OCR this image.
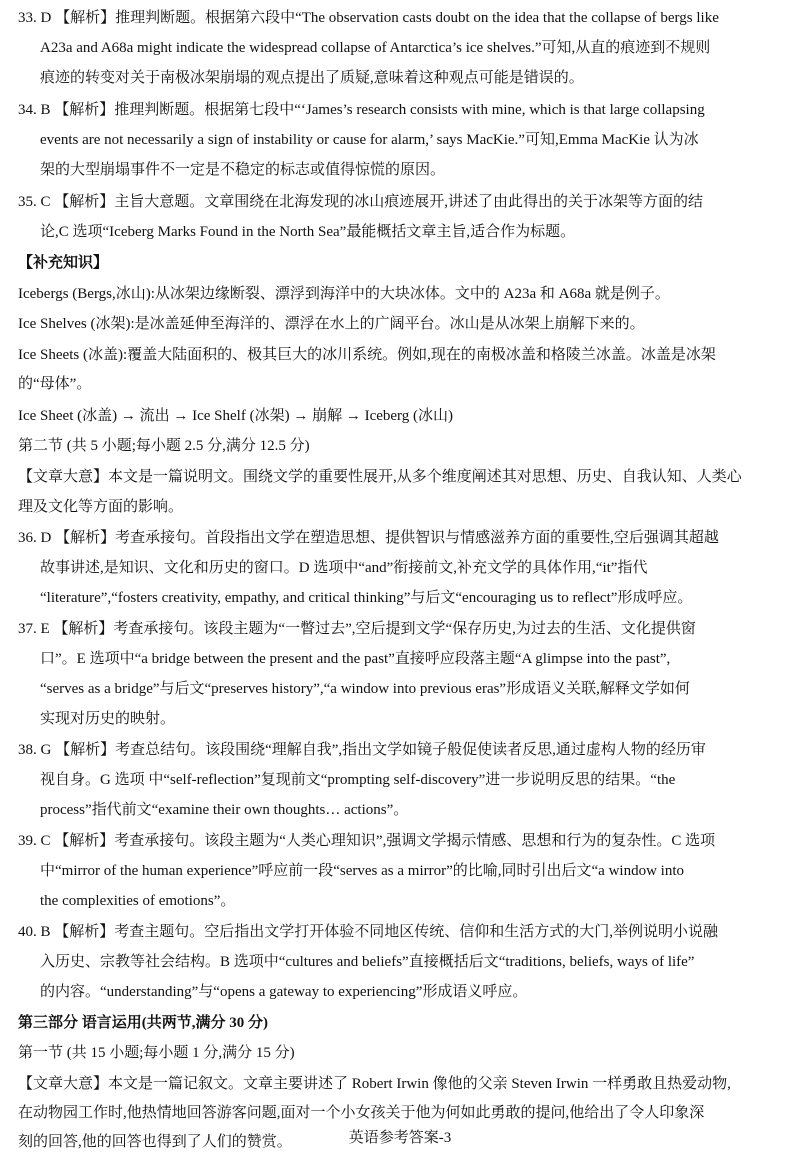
33. D 【解析】推理判断题。根据第六段中“The observation casts doubt on the idea that the collapse of bergs like
A23a and A68a might indicate the widespread collapse of Antarctica’s ice shelves.”可知,从直的痕迹到不规则
痕迹的转变对关于南极冰架崩塌的观点提出了质疑,意味着这种观点可能是错误的。
34. B 【解析】推理判断题。根据第七段中“‘James’s research consists with mine, which is that large collapsing
events are not necessarily a sign of instability or cause for alarm,’ says MacKie.”可知,Emma MacKie 认为冰
架的大型崩塌事件不一定是不稳定的标志或值得惊慌的原因。
35. C 【解析】主旨大意题。文章围绕在北海发现的冰山痕迹展开,讲述了由此得出的关于冰架等方面的结
论,C 选项“Iceberg Marks Found in the North Sea”最能概括文章主旨,适合作为标题。
【补充知识】
Icebergs (Bergs,冰山):从冰架边缘断裂、漂浮到海洋中的大块冰体。文中的 A23a 和 A68a 就是例子。
Ice Shelves (冰架):是冰盖延伸至海洋的、漂浮在水上的广阔平台。冰山是从冰架上崩解下来的。
Ice Sheets (冰盖):覆盖大陆面积的、极其巨大的冰川系统。例如,现在的南极冰盖和格陵兰冰盖。冰盖是冰架
的“母体”。
Ice Sheet (冰盖) → 流出 → Ice Shelf (冰架) → 崩解 → Iceberg (冰山)
第二节 (共 5 小题;每小题 2.5 分,满分 12.5 分)
【文章大意】本文是一篇说明文。围绕文学的重要性展开,从多个维度阐述其对思想、历史、自我认知、人类心
理及文化等方面的影响。
36. D 【解析】考查承接句。首段指出文学在塑造思想、提供智识与情感滋养方面的重要性,空后强调其超越
故事讲述,是知识、文化和历史的窗口。D 选项中“and”衔接前文,补充文学的具体作用,“it”指代
“literature”,“fosters creativity, empathy, and critical thinking”与后文“encouraging us to reflect”形成呼应。
37. E 【解析】考查承接句。该段主题为“一瞥过去”,空后提到文学“保存历史,为过去的生活、文化提供窗
口”。E 选项中“a bridge between the present and the past”直接呼应段落主题“A glimpse into the past”,
“serves as a bridge”与后文“preserves history”,“a window into previous eras”形成语义关联,解释文学如何
实现对历史的映射。
38. G 【解析】考查总结句。该段围绕“理解自我”,指出文学如镜子般促使读者反思,通过虚构人物的经历审
视自身。G 选项 中“self-reflection”复现前文“prompting self-discovery”进一步说明反思的结果。“the
process”指代前文“examine their own thoughts… actions”。
39. C 【解析】考查承接句。该段主题为“人类心理知识”,强调文学揭示情感、思想和行为的复杂性。C 选项
中“mirror of the human experience”呼应前一段“serves as a mirror”的比喻,同时引出后文“a window into
the complexities of emotions”。
40. B 【解析】考查主题句。空后指出文学打开体验不同地区传统、信仰和生活方式的大门,举例说明小说融
入历史、宗教等社会结构。B 选项中“cultures and beliefs”直接概括后文“traditions, beliefs, ways of life”
的内容。“understanding”与“opens a gateway to experiencing”形成语义呼应。
第三部分 语言运用(共两节,满分 30 分)
第一节 (共 15 小题;每小题 1 分,满分 15 分)
【文章大意】本文是一篇记叙文。文章主要讲述了 Robert Irwin 像他的父亲 Steven Irwin 一样勇敢且热爱动物,
在动物园工作时,他热情地回答游客问题,面对一个小女孩关于他为何如此勇敢的提问,他给出了令人印象深
刻的回答,他的回答也得到了人们的赞赏。	英语参考答案-3
